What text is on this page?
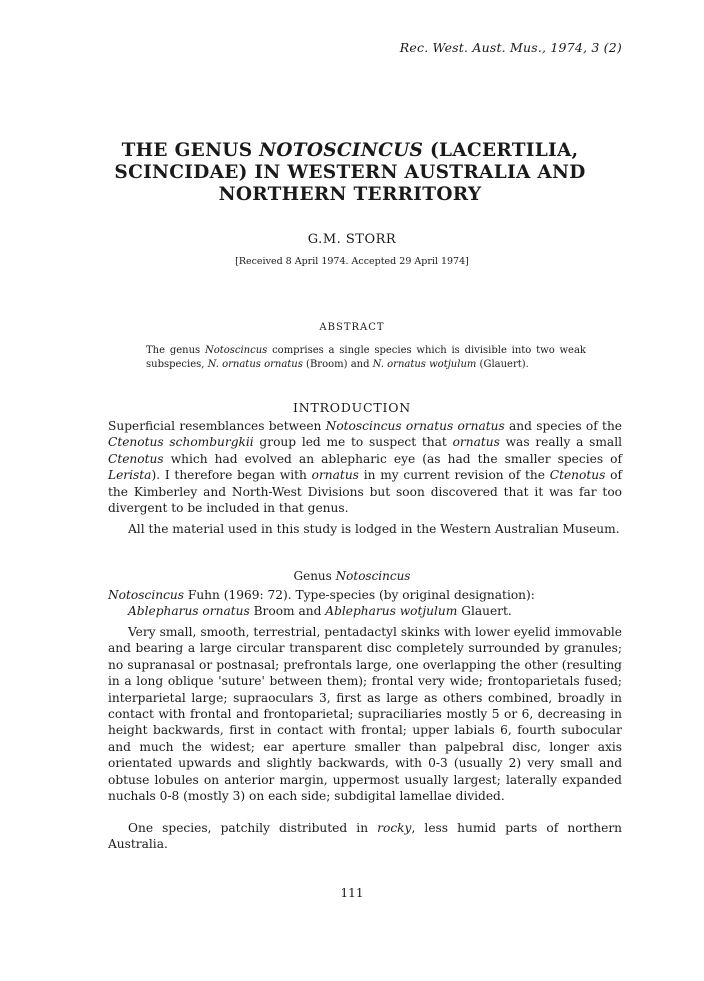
Rec. West. Aust. Mus., 1974, 3 (2)
THE GENUS NOTOSCINCUS (LACERTILIA, SCINCIDAE) IN WESTERN AUSTRALIA AND NORTHERN TERRITORY
G.M. STORR
[Received 8 April 1974. Accepted 29 April 1974]
ABSTRACT
The genus Notoscincus comprises a single species which is divisible into two weak subspecies, N. ornatus ornatus (Broom) and N. ornatus wotjulum (Glauert).
INTRODUCTION
Superficial resemblances between Notoscincus ornatus ornatus and species of the Ctenotus schomburgkii group led me to suspect that ornatus was really a small Ctenotus which had evolved an ablepharic eye (as had the smaller species of Lerista). I therefore began with ornatus in my current revision of the Ctenotus of the Kimberley and North-West Divisions but soon discovered that it was far too divergent to be included in that genus.
All the material used in this study is lodged in the Western Australian Museum.
Genus Notoscincus
Notoscincus Fuhn (1969: 72). Type-species (by original designation):
Ablepharus ornatus Broom and Ablepharus wotjulum Glauert.
Very small, smooth, terrestrial, pentadactyl skinks with lower eyelid immovable and bearing a large circular transparent disc completely surrounded by granules; no supranasal or postnasal; prefrontals large, one overlapping the other (resulting in a long oblique 'suture' between them); frontal very wide; frontoparietals fused; interparietal large; supraoculars 3, first as large as others combined, broadly in contact with frontal and frontoparietal; supraciliaries mostly 5 or 6, decreasing in height backwards, first in contact with frontal; upper labials 6, fourth subocular and much the widest; ear aperture smaller than palpebral disc, longer axis orientated upwards and slightly backwards, with 0-3 (usually 2) very small and obtuse lobules on anterior margin, uppermost usually largest; laterally expanded nuchals 0-8 (mostly 3) on each side; subdigital lamellae divided.
One species, patchily distributed in rocky, less humid parts of northern Australia.
111
